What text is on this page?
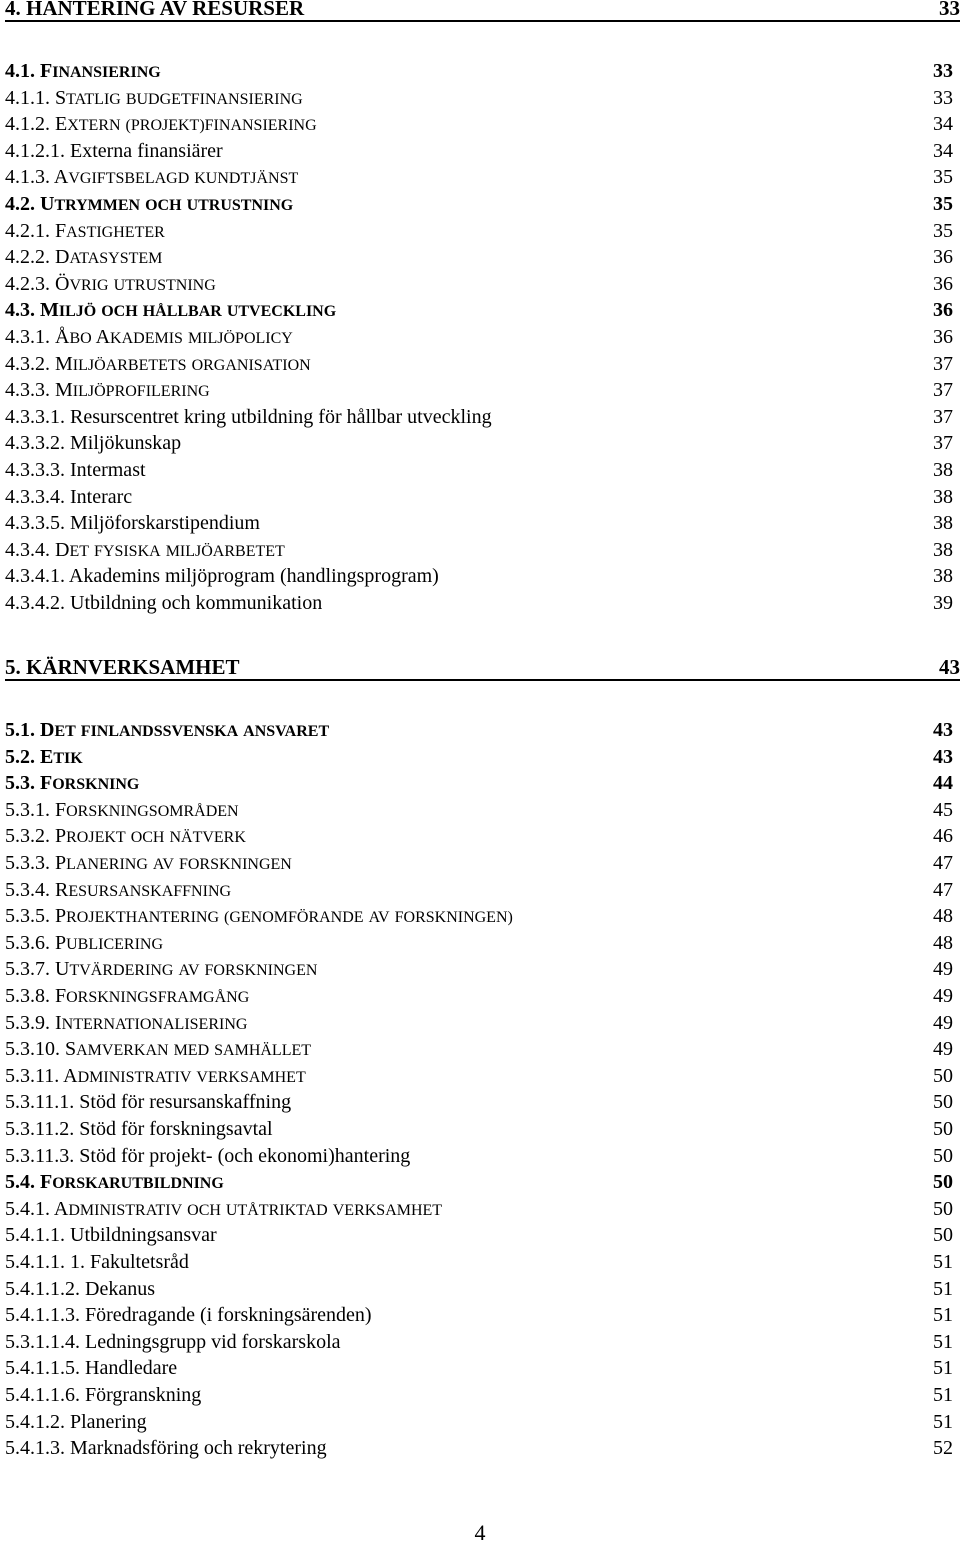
4. HANTERING AV RESURSER	33
4.1. FINANSIERING	33
4.1.1. STATLIG BUDGETFINANSIERING	33
4.1.2. EXTERN (PROJEKT)FINANSIERING	34
4.1.2.1. Externa finansiärer	34
4.1.3. AVGIFTSBELAGD KUNDTJÄNST	35
4.2. UTRYMMEN OCH UTRUSTNING	35
4.2.1. FASTIGHETER	35
4.2.2. DATASYSTEM	36
4.2.3. ÖVRIG UTRUSTNING	36
4.3. MILJÖ OCH HÅLLBAR UTVECKLING	36
4.3.1. ÅBO AKADEMIS MILJÖPOLICY	36
4.3.2. MILJÖARBETETS ORGANISATION	37
4.3.3. MILJÖPROFILERING	37
4.3.3.1. Resurscentret kring utbildning för hållbar utveckling	37
4.3.3.2. Miljökunskap	37
4.3.3.3. Intermast	38
4.3.3.4. Interarc	38
4.3.3.5. Miljöforskarstipendium	38
4.3.4. DET FYSISKA MILJÖARBETET	38
4.3.4.1. Akademins miljöprogram (handlingsprogram)	38
4.3.4.2. Utbildning och kommunikation	39
5. KÄRNVERKSAMHET	43
5.1. DET FINLANDSSVENSKA ANSVARET	43
5.2. ETIK	43
5.3. FORSKNING	44
5.3.1. FORSKNINGSOMRÅDEN	45
5.3.2. PROJEKT OCH NÄTVERK	46
5.3.3. PLANERING AV FORSKNINGEN	47
5.3.4. RESURSANSKAFFNING	47
5.3.5. PROJEKTHANTERING (GENOMFÖRANDE AV FORSKNINGEN)	48
5.3.6. PUBLICERING	48
5.3.7. UTVÄRDERING AV FORSKNINGEN	49
5.3.8. FORSKNINGSFRAMGÅNG	49
5.3.9. INTERNATIONALISERING	49
5.3.10. SAMVERKAN MED SAMHÄLLET	49
5.3.11. ADMINISTRATIV VERKSAMHET	50
5.3.11.1. Stöd för resursanskaffning	50
5.3.11.2. Stöd för forskningsavtal	50
5.3.11.3. Stöd för projekt- (och ekonomi)hantering	50
5.4. FORSKARUTBILDNING	50
5.4.1. ADMINISTRATIV OCH UTÅTRIKTAD VERKSAMHET	50
5.4.1.1. Utbildningsansvar	50
5.4.1.1. 1. Fakultetsråd	51
5.4.1.1.2. Dekanus	51
5.4.1.1.3. Föredragande (i forskningsärenden)	51
5.3.1.1.4. Ledningsgrupp vid forskarskola	51
5.4.1.1.5. Handledare	51
5.4.1.1.6. Förgranskning	51
5.4.1.2. Planering	51
5.4.1.3. Marknadsföring och rekrytering	52
4
